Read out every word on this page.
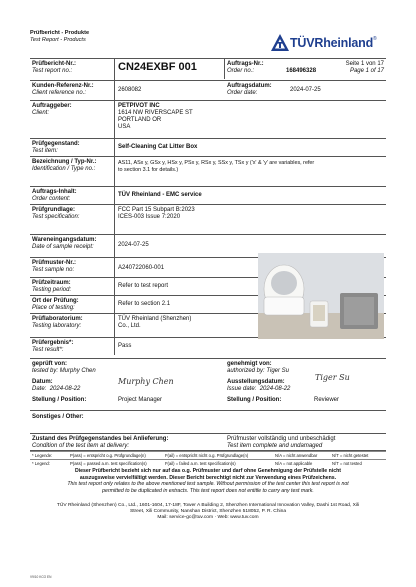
Prüfbericht - Produkte
Test Report - Products	TÜVRheinland®
Prüfbericht-Nr.:
Test report no.:	CN24EXBF 001	Auftrags-Nr.:
Order no.:	168496328
Seite 1 von 17
Page 1 of 17
Kunden-Referenz-Nr.:
Client reference no.:	2608082
Auftragsdatum:
Order date:	2024-07-25
Auftraggeber:
Client:
PETPIVOT INC
1614 NW RIVERSCAPE ST
PORTLAND OR
USA
Prüfgegenstand:
Test item:
Self-Cleaning Cat Litter Box
Bezeichnung / Typ-Nr.:
Identification / Type no.:
AS11, ASx y, GSx y, HSx y, PSx y, RSx y, SSx y, TSx y ('x' & 'y' are variables, refer
to section 3.1 for details.)
Auftrags-Inhalt:
Order content:
TÜV Rheinland - EMC service
Prüfgrundlage:
Test specification:
FCC Part 15 Subpart B:2023
ICES-003 Issue 7:2020
Wareneingangsdatum:
Date of sample receipt:	2024-07-25
Prüfmuster-Nr.:
Test sample no:	A240722060-001
Prüfzeitraum:
Testing period:
Refer to test report
Ort der Prüfung:
Place of testing:
Refer to section 2.1
Prüflaboratorium:
Testing laboratory:
TÜV Rheinland (Shenzhen)
Co., Ltd.
Prüfergebnis*:
Test result*:
Pass
geprüft von:
tested by: Murphy Chen
Datum:
Date: 2024-08-22
Murphy Chen
Stellung / Position:	Project Manager
genehmigt von:
authorized by: Tiger Su
Ausstellungsdatum:
Issue date: 2024-08-22
Tiger Su
Stellung / Position:	Reviewer
Sonstiges / Other:
Zustand des Prüfgegenstandes bei Anlieferung:
Condition of the test item at delivery:
Prüfmuster vollständig und unbeschädigt
Test item complete and undamaged
* Legende:	P(ass) = entspricht o.g. Prüfgrundlage(n)	F(ail) = entspricht nicht o.g. Prüfgrundlage(n)	N/A = nicht anwendbar	N/T = nicht getestet
* Legend:	P(ass) = passed a.m. test specification(s)	F(ail) = failed a.m. test specification(s)	N/A = not applicable	N/T = not tested
Dieser Prüfbericht bezieht sich nur auf das o.g. Prüfmuster und darf ohne Genehmigung der Prüfstelle nicht
auszugsweise vervielfältigt werden. Dieser Bericht berechtigt nicht zur Verwendung eines Prüfzeichens.
This test report only relates to the above mentioned test sample. Without permission of the test center this test report is not
permitted to be duplicated in extracts. This test report does not entitle to carry any test mark.
TÜV Rheinland (Shenzhen) Co., Ltd., 1601-1604, 17-18F, Tower A Building 2, Shenzhen International Innovation Valley, Dashi 1st Road, Xili
Street, Xili Community, Nanshan District, Shenzhen 518052, P. R. China
Mail: service-gc@tuv.com · Web: www.tuv.com
V9/10 KCO EN
